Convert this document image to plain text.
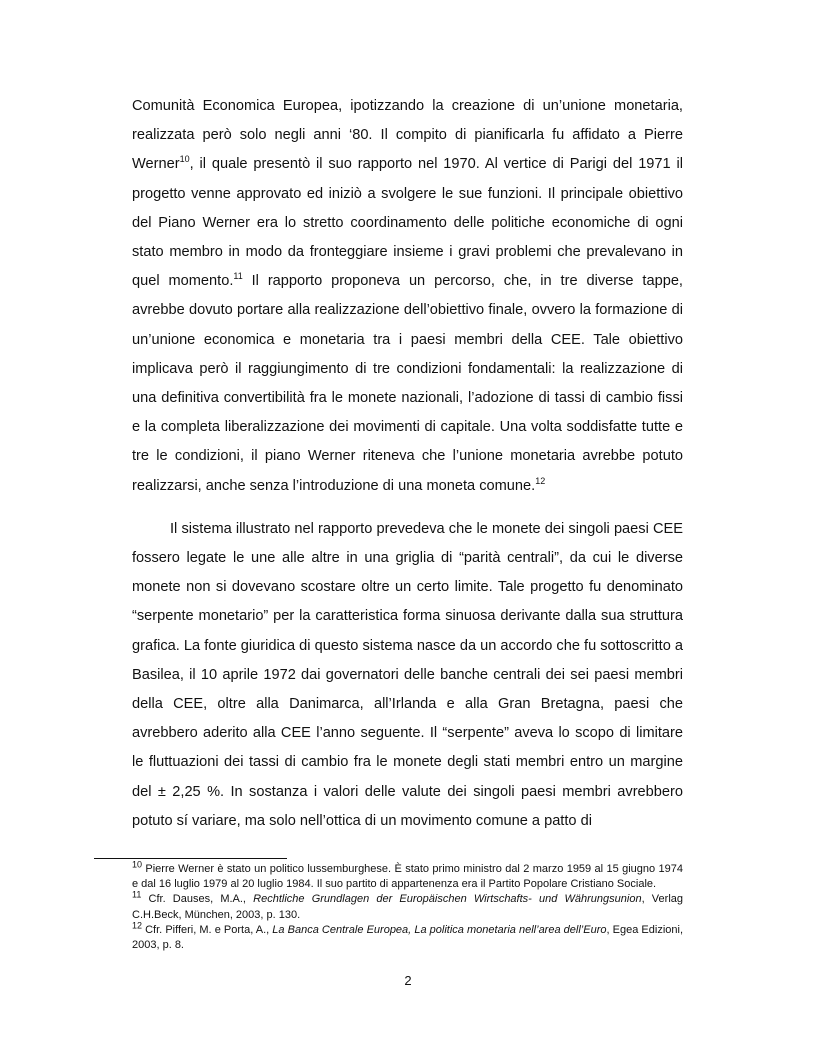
Comunità Economica Europea, ipotizzando la creazione di un’unione monetaria, realizzata però solo negli anni ‘80. Il compito di pianificarla fu affidato a Pierre Werner$^{10}$, il quale presentò il suo rapporto nel 1970. Al vertice di Parigi del 1971 il progetto venne approvato ed iniziò a svolgere le sue funzioni. Il principale obiettivo del Piano Werner era lo stretto coordinamento delle politiche economiche di ogni stato membro in modo da fronteggiare insieme i gravi problemi che prevalevano in quel momento.$^{11}$ Il rapporto proponeva un percorso, che, in tre diverse tappe, avrebbe dovuto portare alla realizzazione dell’obiettivo finale, ovvero la formazione di un’unione economica e monetaria tra i paesi membri della CEE. Tale obiettivo implicava però il raggiungimento di tre condizioni fondamentali: la realizzazione di una definitiva convertibilità fra le monete nazionali, l’adozione di tassi di cambio fissi e la completa liberalizzazione dei movimenti di capitale. Una volta soddisfatte tutte e tre le condizioni, il piano Werner riteneva che l’unione monetaria avrebbe potuto realizzarsi, anche senza l’introduzione di una moneta comune.$^{12}$

Il sistema illustrato nel rapporto prevedeva che le monete dei singoli paesi CEE fossero legate le une alle altre in una griglia di “parità centrali”, da cui le diverse monete non si dovevano scostare oltre un certo limite. Tale progetto fu denominato “serpente monetario” per la caratteristica forma sinuosa derivante dalla sua struttura grafica. La fonte giuridica di questo sistema nasce da un accordo che fu sottoscritto a Basilea, il 10 aprile 1972 dai governatori delle banche centrali dei sei paesi membri della CEE, oltre alla Danimarca, all’Irlanda e alla Gran Bretagna, paesi che avrebbero aderito alla CEE l’anno seguente. Il “serpente” aveva lo scopo di limitare le fluttuazioni dei tassi di cambio fra le monete degli stati membri entro un margine del ± 2,25 %. In sostanza i valori delle valute dei singoli paesi membri avrebbero potuto sí variare, ma solo nell’ottica di un movimento comune a patto di

$^{10}$ Pierre Werner è stato un politico lussemburghese. È stato primo ministro dal 2 marzo 1959 al 15 giugno 1974 e dal 16 luglio 1979 al 20 luglio 1984. Il suo partito di appartenenza era il Partito Popolare Cristiano Sociale.

$^{11}$ Cfr. Dauses, M.A., Rechtliche Grundlagen der Europäischen Wirtschafts- und Währungsunion, Verlag C.H.Beck, München, 2003, p. 130.

$^{12}$ Cfr. Pifferi, M. e Porta, A., La Banca Centrale Europea, La politica monetaria nell’area dell’Euro, Egea Edizioni, 2003, p. 8.

2
